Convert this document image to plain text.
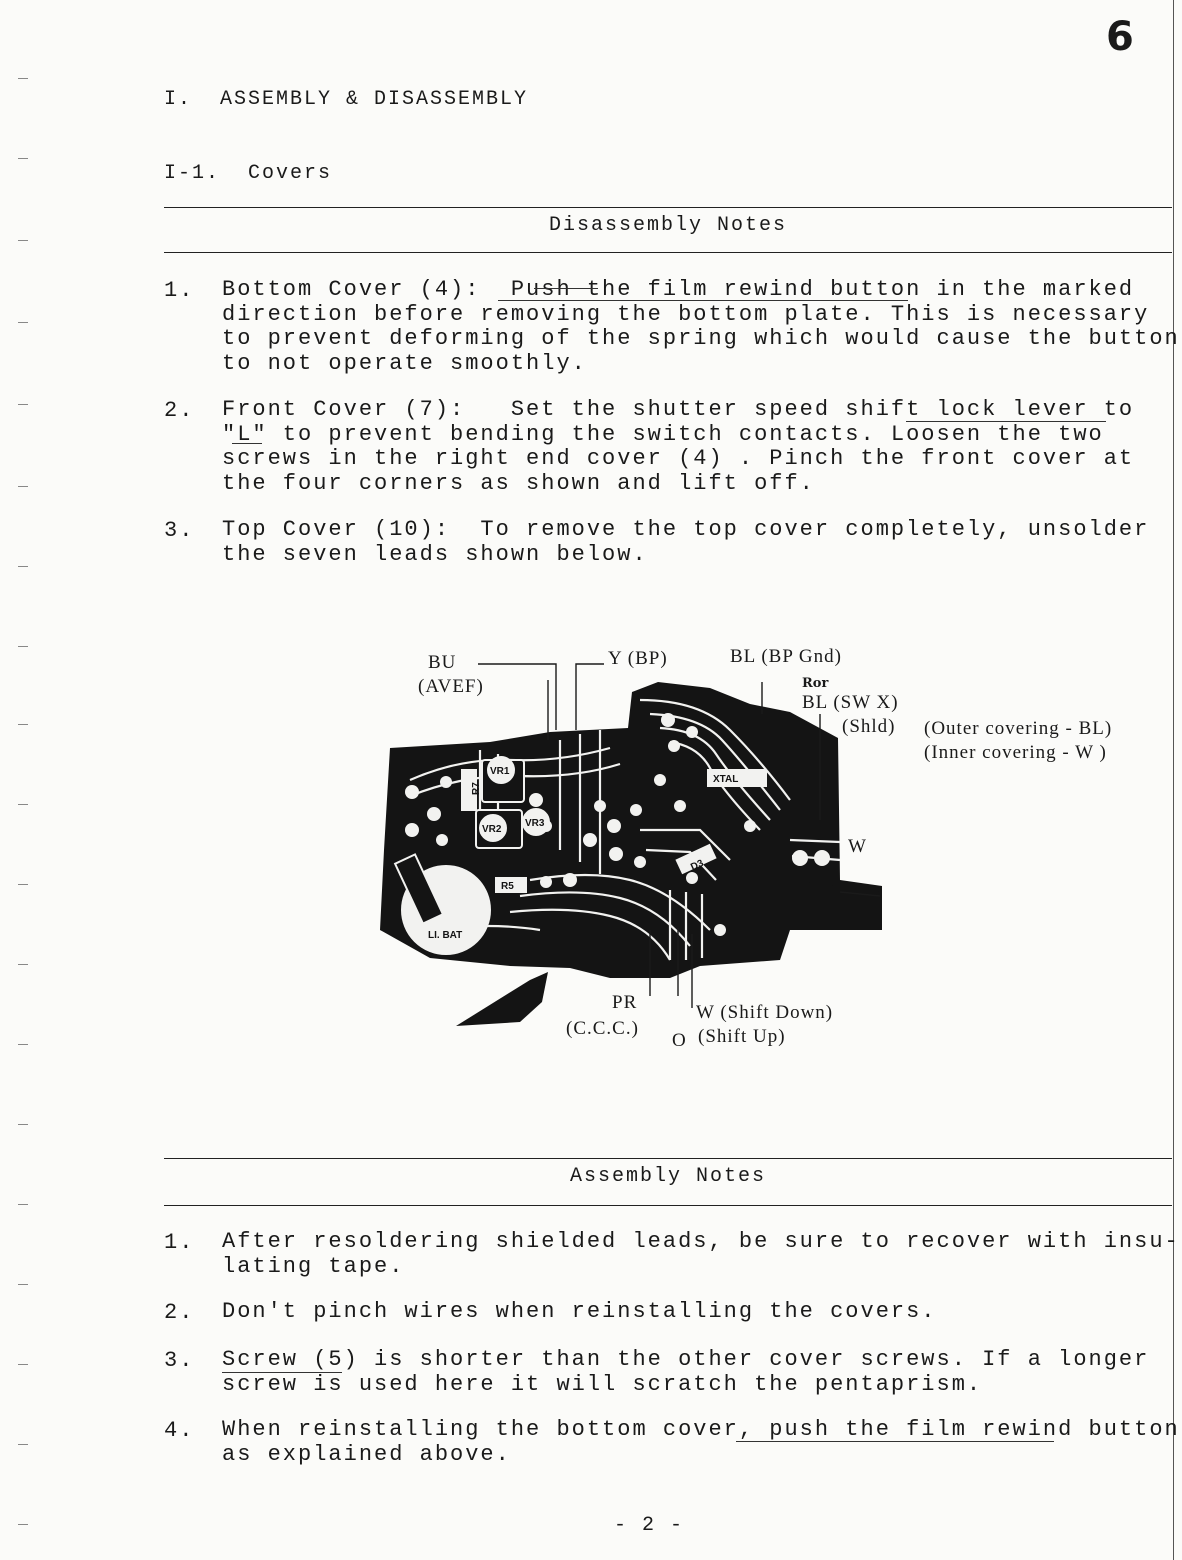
6
I.  ASSEMBLY & DISASSEMBLY
I-1.  Covers
Disassembly Notes
1. Bottom Cover (4):  Push the film rewind button in the marked
direction before removing the bottom plate. This is necessary
to prevent deforming of the spring which would cause the button
to not operate smoothly.
2. Front Cover (7):   Set the shutter speed shift lock lever to
"L" to prevent bending the switch contacts. Loosen the two
screws in the right end cover (4) . Pinch the front cover at
the four corners as shown and lift off.
3. Top Cover (10):  To remove the top cover completely, unsolder
the seven leads shown below.
VR1
VR2
VR3
R7
R5
XTAL
D3
LI. BAT
BU
(AVEF)
Y (BP)	BL (BP Gnd)
Ror
BL (SW X)
(Shld) (Outer covering - BL)
(Inner covering - W )
W
PR
(C.C.C.)
W (Shift Down)
O (Shift Up)
Assembly Notes
1. After resoldering shielded leads, be sure to recover with insu-
lating tape.
2. Don't pinch wires when reinstalling the covers.
3. Screw (5) is shorter than the other cover screws. If a longer
screw is used here it will scratch the pentaprism.
4. When reinstalling the bottom cover, push the film rewind button
as explained above.
- 2 -
